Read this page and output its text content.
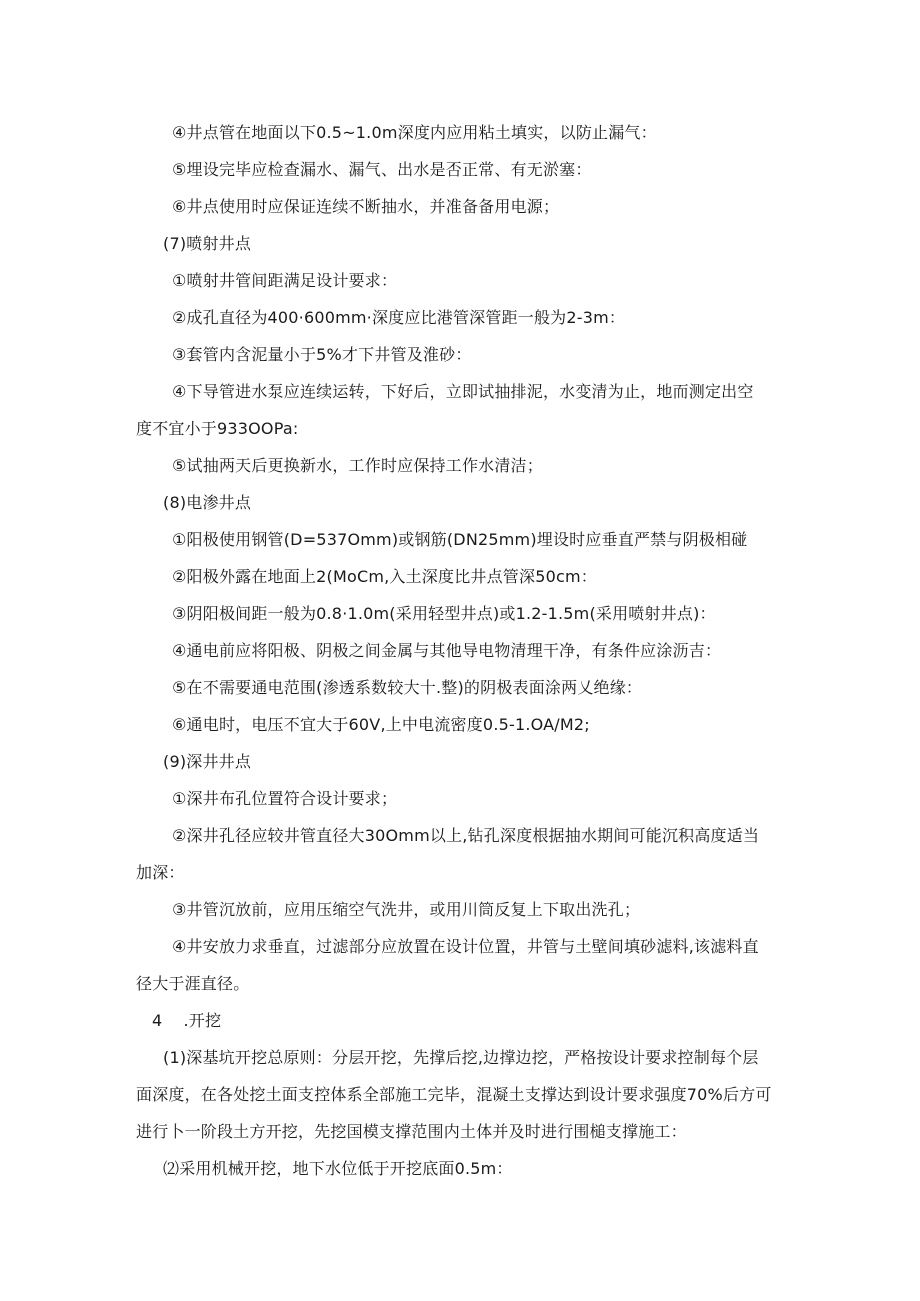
④井点管在地面以下0.5~1.0m深度内应用粘土填实，以防止漏气：
⑤埋设完毕应检查漏水、漏气、出水是否正常、有无淤塞：
⑥井点使用时应保证连续不断抽水，并准备备用电源；
(7)喷射井点
①喷射井管间距满足设计要求：
②成孔直径为400·600mm·深度应比港管深管距一般为2-3m：
③套管内含泥量小于5%才下井管及淮砂：
④下导管进水泵应连续运转，下好后，立即试抽排泥，水变清为止，地而测定出空
度不宜小于933OOPa:
⑤试抽两天后更换新水，工作时应保持工作水清洁；
(8)电渗井点
①阳极使用钢管(D=537Omm)或钢筋(DN25mm)埋设时应垂直严禁与阴极相碰
②阳极外露在地面上2(MoCm,入土深度比井点管深50cm：
③阴阳极间距一般为0.8·1.0m(采用轻型井点)或1.2-1.5m(采用喷射井点)：
④通电前应将阳极、阴极之间金属与其他导电物清理干净，有条件应涂沥吉：
⑤在不需要通电范围(渗透系数较大十.整)的阴极表面涂两乂绝缘：
⑥通电时，电压不宜大于60V,上中电流密度0.5-1.OA/M2;
(9)深井井点
①深井布孔位置符合设计要求；
②深井孔径应较井管直径大30Omm以上,钻孔深度根据抽水期间可能沉积高度适当
加深：
③井管沉放前，应用压缩空气洗井，或用川筒反复上下取出洗孔；
④井安放力求垂直，过滤部分应放置在设计位置，井管与土壁间填砂滤料,该滤料直
径大于涯直径。
4    .开挖
(1)深基坑开挖总原则：分层开挖，先撑后挖,边撑边挖，严格按设计要求控制每个层
面深度，在各处挖土面支控体系全部施工完毕，混凝土支撑达到设计要求强度70%后方可
进行卜一阶段土方开挖，先挖国模支撑范围内土体并及时进行围槌支撑施工：
⑵采用机械开挖，地下水位低于开挖底面0.5m：
